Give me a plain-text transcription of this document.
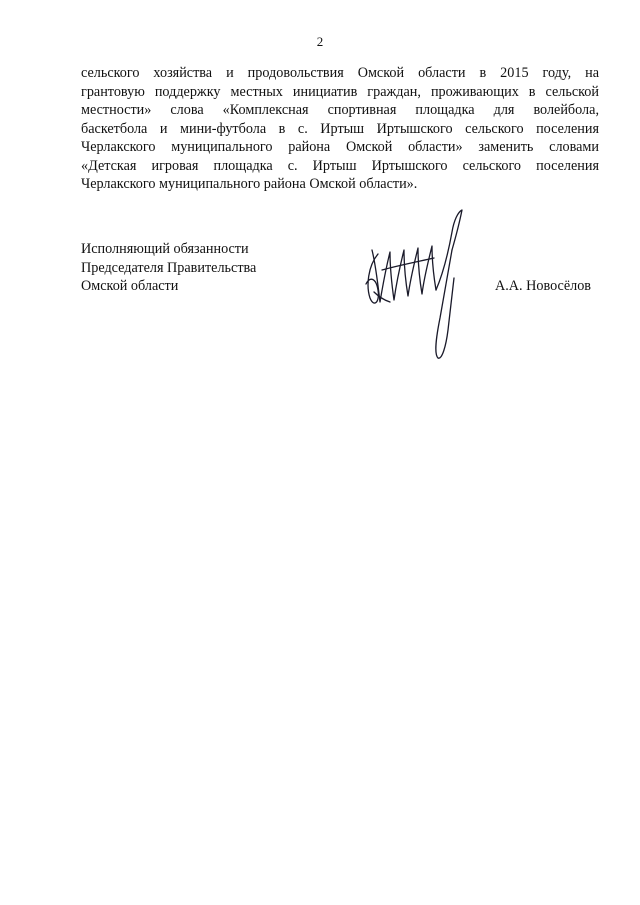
2
сельского хозяйства и продовольствия Омской области в 2015 году, на
грантовую поддержку местных инициатив граждан, проживающих в сельской
местности» слова «Комплексная спортивная площадка для волейбола,
баскетбола и мини-футбола в с. Иртыш Иртышского сельского поселения
Черлакского муниципального района Омской области» заменить словами
«Детская игровая площадка с. Иртыш Иртышского сельского поселения
Черлакского муниципального района Омской области».
Исполняющий обязанности
Председателя Правительства
Омской области	А.А. Новосёлов
